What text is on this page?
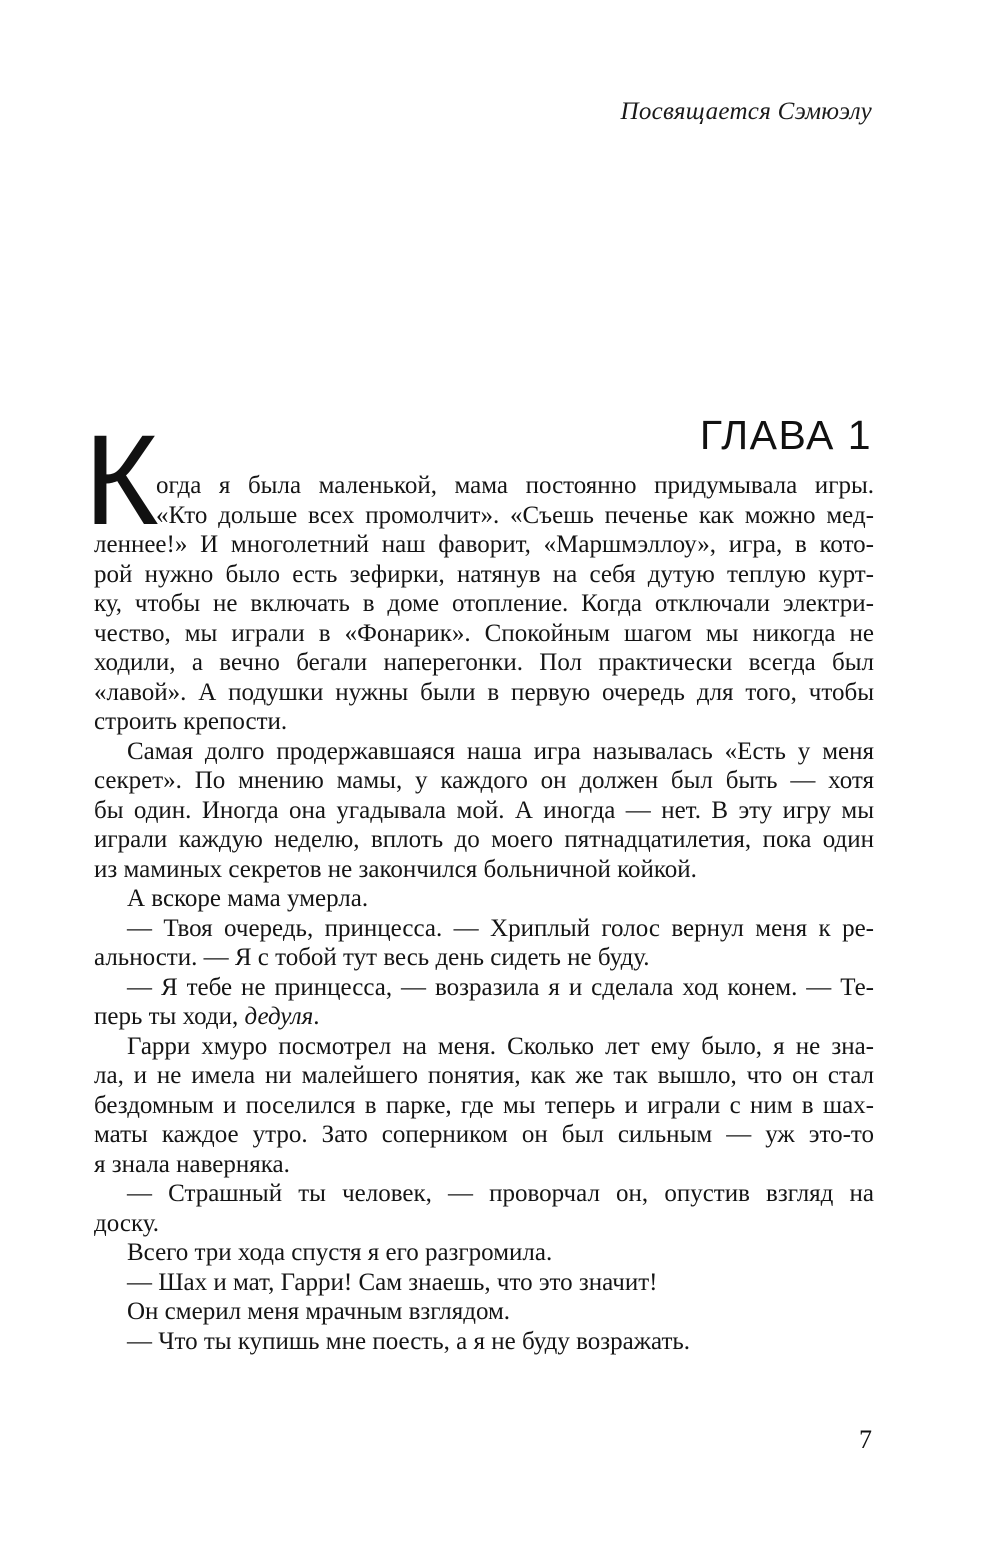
Посвящается Сэмюэлу
ГЛАВА 1
К
огда я была маленькой, мама постоянно придумывала игры.
«Кто дольше всех промолчит». «Съешь печенье как можно мед-
леннее!» И многолетний наш фаворит, «Маршмэллоу», игра, в кото-
рой нужно было есть зефирки, натянув на себя дутую теплую курт-
ку, чтобы не включать в доме отопление. Когда отключали электри-
чество, мы играли в «Фонарик». Спокойным шагом мы никогда не
ходили, а вечно бегали наперегонки. Пол практически всегда был
«лавой». А подушки нужны были в первую очередь для того, чтобы
строить крепости.
Самая долго продержавшаяся наша игра называлась «Есть у меня
секрет». По мнению мамы, у каждого он должен был быть — хотя
бы один. Иногда она угадывала мой. А иногда — нет. В эту игру мы
играли каждую неделю, вплоть до моего пятнадцатилетия, пока один
из маминых секретов не закончился больничной койкой.
А вскоре мама умерла.
— Твоя очередь, принцесса. — Хриплый голос вернул меня к ре-
альности. — Я с тобой тут весь день сидеть не буду.
— Я тебе не принцесса, — возразила я и сделала ход конем. — Те-
перь ты ходи, дедуля.
Гарри хмуро посмотрел на меня. Сколько лет ему было, я не зна-
ла, и не имела ни малейшего понятия, как же так вышло, что он стал
бездомным и поселился в парке, где мы теперь и играли с ним в шах-
маты каждое утро. Зато соперником он был сильным — уж это-то
я знала наверняка.
— Страшный ты человек, — проворчал он, опустив взгляд на
доску.
Всего три хода спустя я его разгромила.
— Шах и мат, Гарри! Сам знаешь, что это значит!
Он смерил меня мрачным взглядом.
— Что ты купишь мне поесть, а я не буду возражать.
7
